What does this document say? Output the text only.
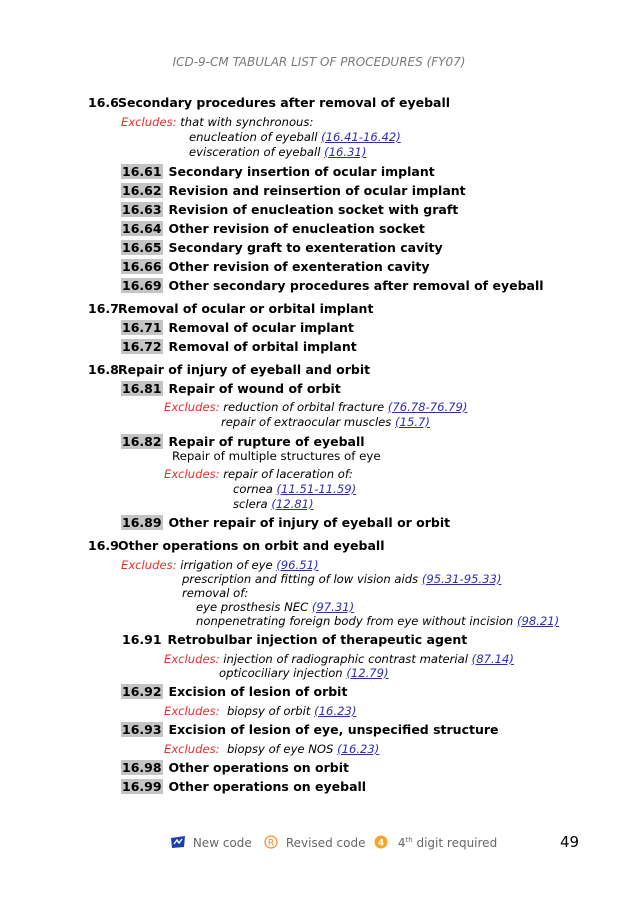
ICD-9-CM TABULAR LIST OF PROCEDURES (FY07)
16.6Secondary procedures after removal of eyeball
Excludes: that with synchronous:
enucleation of eyeball (16.41-16.42)
evisceration of eyeball (16.31)
16.61 Secondary insertion of ocular implant
16.62 Revision and reinsertion of ocular implant
16.63 Revision of enucleation socket with graft
16.64 Other revision of enucleation socket
16.65 Secondary graft to exenteration cavity
16.66 Other revision of exenteration cavity
16.69 Other secondary procedures after removal of eyeball
16.7Removal of ocular or orbital implant
16.71 Removal of ocular implant
16.72 Removal of orbital implant
16.8Repair of injury of eyeball and orbit
16.81 Repair of wound of orbit
Excludes: reduction of orbital fracture (76.78-76.79)
repair of extraocular muscles (15.7)
16.82 Repair of rupture of eyeball
Repair of multiple structures of eye
Excludes: repair of laceration of:
cornea (11.51-11.59)
sclera (12.81)
16.89 Other repair of injury of eyeball or orbit
16.9Other operations on orbit and eyeball
Excludes: irrigation of eye (96.51)
prescription and fitting of low vision aids (95.31-95.33)
removal of:
eye prosthesis NEC (97.31)
nonpenetrating foreign body from eye without incision (98.21)
16.91 Retrobulbar injection of therapeutic agent
Excludes: injection of radiographic contrast material (87.14)
opticociliary injection (12.79)
16.92 Excision of lesion of orbit
Excludes: biopsy of orbit (16.23)
16.93 Excision of lesion of eye, unspecified structure
Excludes: biopsy of eye NOS (16.23)
16.98 Other operations on orbit
16.99 Other operations on eyeball
New code R Revised code 4 4th digit required	49
